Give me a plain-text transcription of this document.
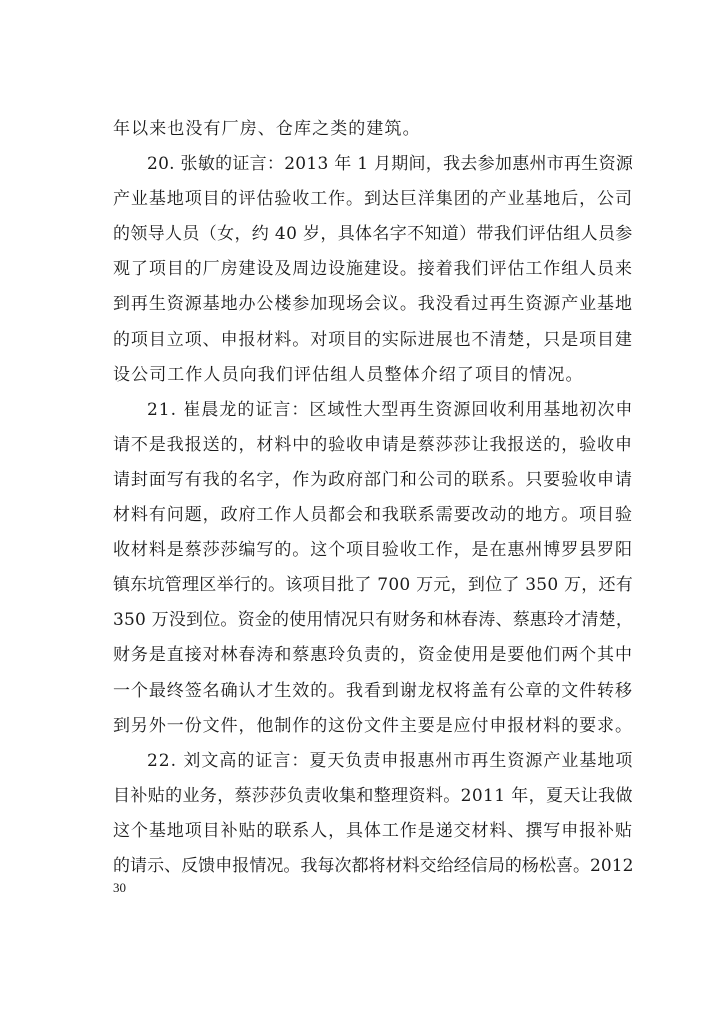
年以来也没有厂房、仓库之类的建筑。
20. 张敏的证言：2013 年 1 月期间，我去参加惠州市再生资源
产业基地项目的评估验收工作。到达巨洋集团的产业基地后，公司
的领导人员（女，约 40 岁，具体名字不知道）带我们评估组人员参
观了项目的厂房建设及周边设施建设。接着我们评估工作组人员来
到再生资源基地办公楼参加现场会议。我没看过再生资源产业基地
的项目立项、申报材料。对项目的实际进展也不清楚，只是项目建
设公司工作人员向我们评估组人员整体介绍了项目的情况。
21. 崔晨龙的证言：区域性大型再生资源回收利用基地初次申
请不是我报送的，材料中的验收申请是蔡莎莎让我报送的，验收申
请封面写有我的名字，作为政府部门和公司的联系。只要验收申请
材料有问题，政府工作人员都会和我联系需要改动的地方。项目验
收材料是蔡莎莎编写的。这个项目验收工作，是在惠州博罗县罗阳
镇东坑管理区举行的。该项目批了 700 万元，到位了 350 万，还有
350 万没到位。资金的使用情况只有财务和林春涛、蔡惠玲才清楚，
财务是直接对林春涛和蔡惠玲负责的，资金使用是要他们两个其中
一个最终签名确认才生效的。我看到谢龙权将盖有公章的文件转移
到另外一份文件，他制作的这份文件主要是应付申报材料的要求。
22. 刘文高的证言：夏天负责申报惠州市再生资源产业基地项
目补贴的业务，蔡莎莎负责收集和整理资料。2011 年，夏天让我做
这个基地项目补贴的联系人，具体工作是递交材料、撰写申报补贴
的请示、反馈申报情况。我每次都将材料交给经信局的杨松喜。2012
30
